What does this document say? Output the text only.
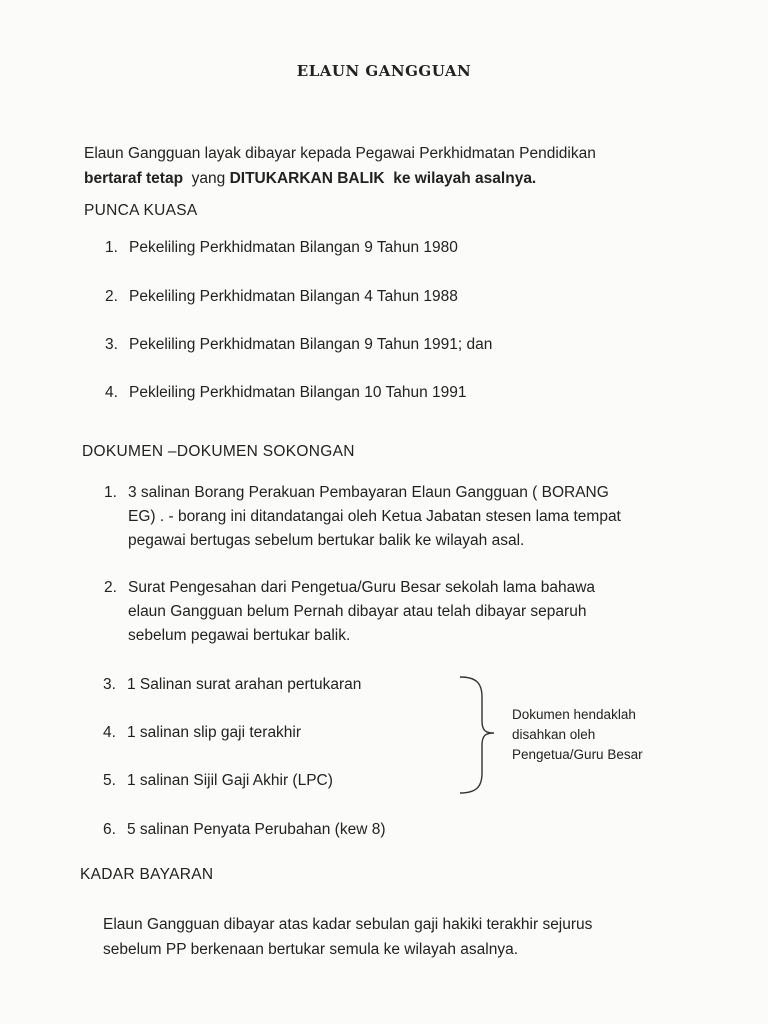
ELAUN GANGGUAN
Elaun Gangguan layak dibayar kepada Pegawai Perkhidmatan Pendidikan
bertaraf tetap  yang DITUKARKAN BALIK  ke wilayah asalnya.
PUNCA KUASA
1. Pekeliling Perkhidmatan Bilangan 9 Tahun 1980
2. Pekeliling Perkhidmatan Bilangan 4 Tahun 1988
3. Pekeliling Perkhidmatan Bilangan 9 Tahun 1991; dan
4. Pekleiling Perkhidmatan Bilangan 10 Tahun 1991
DOKUMEN –DOKUMEN SOKONGAN
1. 3 salinan Borang Perakuan Pembayaran Elaun Gangguan ( BORANG
EG) . - borang ini ditandatangai oleh Ketua Jabatan stesen lama tempat
pegawai bertugas sebelum bertukar balik ke wilayah asal.
2. Surat Pengesahan dari Pengetua/Guru Besar sekolah lama bahawa
elaun Gangguan belum Pernah dibayar atau telah dibayar separuh
sebelum pegawai bertukar balik.
3. 1 Salinan surat arahan pertukaran
4. 1 salinan slip gaji terakhir
5. 1 salinan Sijil Gaji Akhir (LPC)
6. 5 salinan Penyata Perubahan (kew 8)
Dokumen hendaklah
disahkan oleh
Pengetua/Guru Besar
KADAR BAYARAN
Elaun Gangguan dibayar atas kadar sebulan gaji hakiki terakhir sejurus
sebelum PP berkenaan bertukar semula ke wilayah asalnya.
